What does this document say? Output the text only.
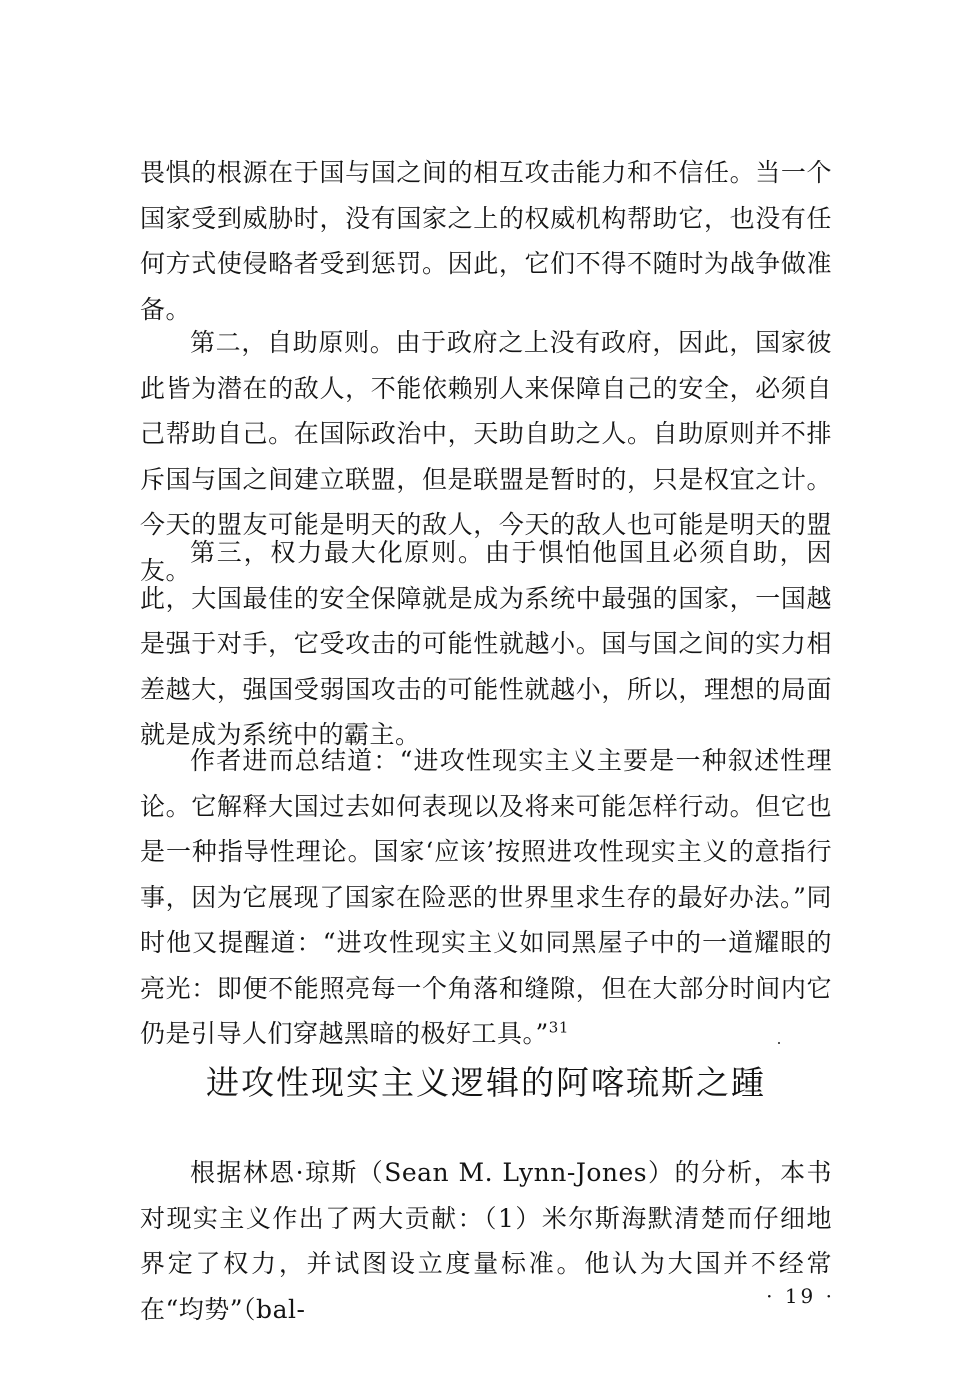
畏惧的根源在于国与国之间的相互攻击能力和不信任。当一个国家受到威胁时，没有国家之上的权威机构帮助它，也没有任何方式使侵略者受到惩罚。因此，它们不得不随时为战争做准备。

第二，自助原则。由于政府之上没有政府，因此，国家彼此皆为潜在的敌人，不能依赖别人来保障自己的安全，必须自己帮助自己。在国际政治中，天助自助之人。自助原则并不排斥国与国之间建立联盟，但是联盟是暂时的，只是权宜之计。今天的盟友可能是明天的敌人，今天的敌人也可能是明天的盟友。

第三，权力最大化原则。由于惧怕他国且必须自助，因此，大国最佳的安全保障就是成为系统中最强的国家，一国越是强于对手，它受攻击的可能性就越小。国与国之间的实力相差越大，强国受弱国攻击的可能性就越小，所以，理想的局面就是成为系统中的霸主。

作者进而总结道：“进攻性现实主义主要是一种叙述性理论。它解释大国过去如何表现以及将来可能怎样行动。但它也是一种指导性理论。国家‘应该’按照进攻性现实主义的意指行事，因为它展现了国家在险恶的世界里求生存的最好办法。”同时他又提醒道：“进攻性现实主义如同黑屋子中的一道耀眼的亮光：即便不能照亮每一个角落和缝隙，但在大部分时间内它仍是引导人们穿越黑暗的极好工具。”$^{31}$

进攻性现实主义逻辑的阿喀琉斯之踵

根据林恩·琼斯（Sean M. Lynn-Jones）的分析，本书对现实主义作出了两大贡献：（1）米尔斯海默清楚而仔细地界定了权力，并试图设立度量标准。他认为大国并不经常在“均势”（bal-	· 19 ·
